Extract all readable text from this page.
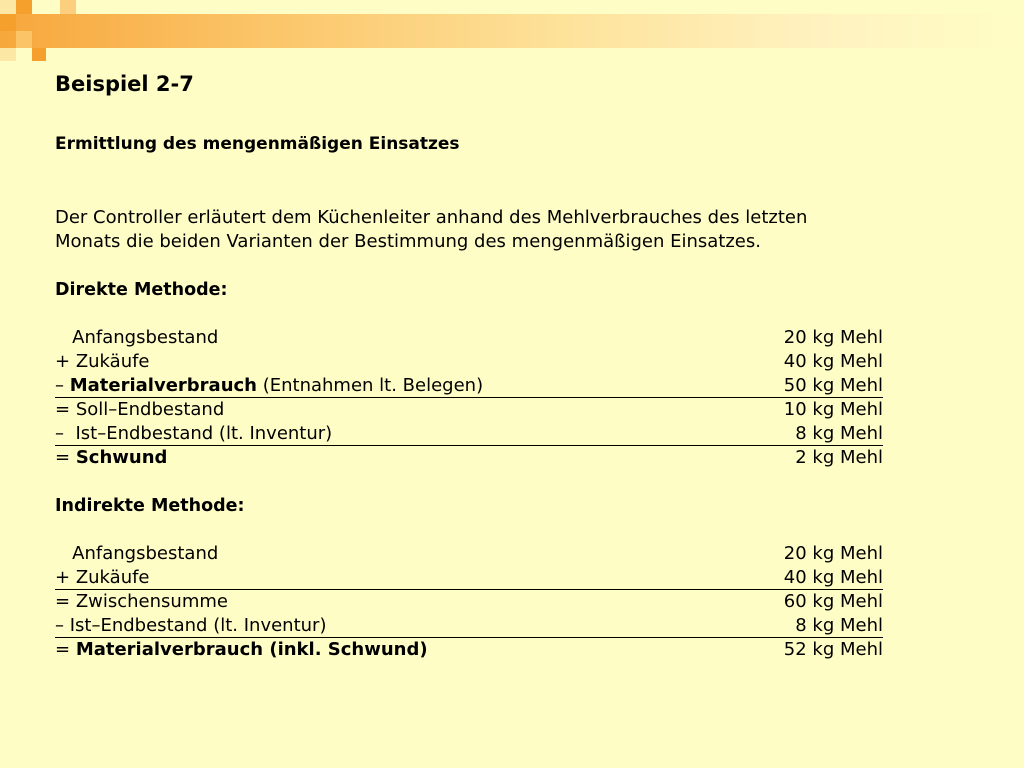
Beispiel 2-7
Ermittlung des mengenmäßigen Einsatzes
Der Controller erläutert dem Küchenleiter anhand des Mehlverbrauches des letzten
Monats die beiden Varianten der Bestimmung des mengenmäßigen Einsatzes.
Direkte Methode:
Anfangsbestand	20 kg Mehl
+ Zukäufe	40 kg Mehl
– Materialverbrauch (Entnahmen lt. Belegen)	50 kg Mehl
= Soll–Endbestand	10 kg Mehl
–  Ist–Endbestand (lt. Inventur)	8 kg Mehl
= Schwund	2 kg Mehl
Indirekte Methode:
Anfangsbestand	20 kg Mehl
+ Zukäufe	40 kg Mehl
= Zwischensumme	60 kg Mehl
– Ist–Endbestand (lt. Inventur)	8 kg Mehl
= Materialverbrauch (inkl. Schwund)	52 kg Mehl
